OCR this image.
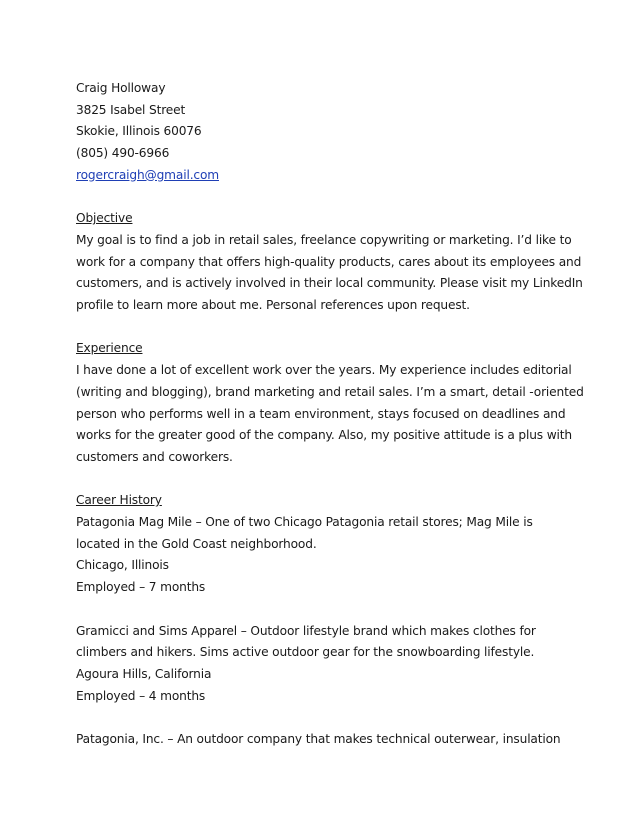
Craig Holloway
3825 Isabel Street
Skokie, Illinois 60076
(805) 490-6966
rogercraigh@gmail.com
Objective
My goal is to find a job in retail sales, freelance copywriting or marketing. I’d like to
work for a company that offers high-quality products, cares about its employees and
customers, and is actively involved in their local community. Please visit my LinkedIn
profile to learn more about me. Personal references upon request.
Experience
I have done a lot of excellent work over the years. My experience includes editorial
(writing and blogging), brand marketing and retail sales. I’m a smart, detail -oriented
person who performs well in a team environment, stays focused on deadlines and
works for the greater good of the company. Also, my positive attitude is a plus with
customers and coworkers.
Career History
Patagonia Mag Mile – One of two Chicago Patagonia retail stores; Mag Mile is
located in the Gold Coast neighborhood.
Chicago, Illinois
Employed – 7 months
Gramicci and Sims Apparel – Outdoor lifestyle brand which makes clothes for
climbers and hikers. Sims active outdoor gear for the snowboarding lifestyle.
Agoura Hills, California
Employed – 4 months
Patagonia, Inc. – An outdoor company that makes technical outerwear, insulation
